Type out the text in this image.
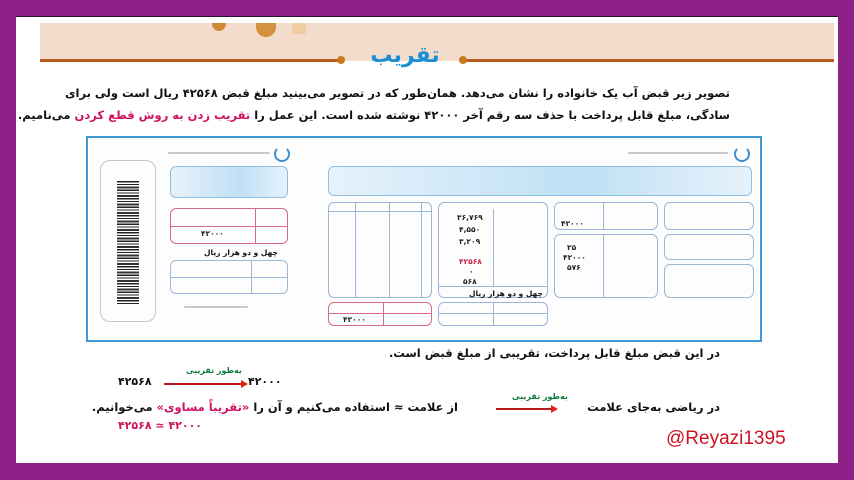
تقریب
تصویر زیر قبض آب یک خانواده را نشان می‌دهد. همان‌طور که در تصویر می‌بینید مبلغ قبض ۴۲۵۶۸ ریال است ولی برای
سادگی، مبلغ قابل پرداخت با حذف سه رقم آخر ۴۲۰۰۰ نوشته شده است. این عمل را تقریب زدن به روش قطع کردن می‌نامیم.
۴۲۰۰۰
چهل و دو هزار ریال
۴۲۰۰۰
۳۶,۷۶۹
۴,۵۵۰
۳,۲۰۹
۴۲۵۶۸
۰
۵۶۸
چهل و دو هزار ریال
۴۲۰۰۰
۲۵
۴۲۰۰۰
۵۷۶
در این قبض مبلغ قابل پرداخت، تقریبی از مبلغ قبض است.
۴۲۵۶۸
به‌طور تقریبی
۴۲۰۰۰
در ریاضی به‌جای علامت
به‌طور تقریبی
از علامت ≈ استفاده می‌کنیم و آن را «تقریباً مساوی» می‌خوانیم.
۴۲۵۶۸ ≃ ۴۲۰۰۰
@Reyazi1395
